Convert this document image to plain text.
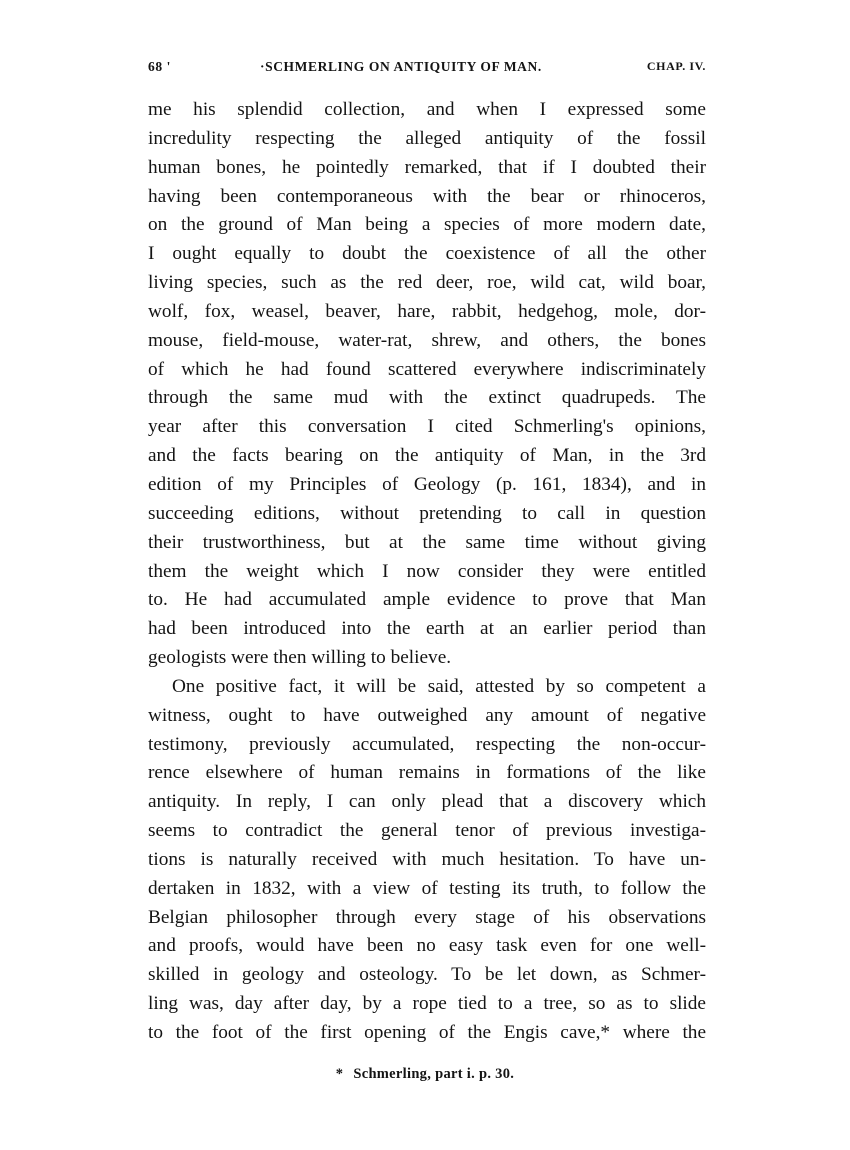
68 '	·SCHMERLING ON ANTIQUITY OF MAN.	CHAP. IV.
me his splendid collection, and when I expressed some
incredulity respecting the alleged antiquity of the fossil
human bones, he pointedly remarked, that if I doubted their
having been contemporaneous with the bear or rhinoceros,
on the ground of Man being a species of more modern date,
I ought equally to doubt the coexistence of all the other
living species, such as the red deer, roe, wild cat, wild boar,
wolf, fox, weasel, beaver, hare, rabbit, hedgehog, mole, dor-
mouse, field-mouse, water-rat, shrew, and others, the bones
of which he had found scattered everywhere indiscriminately
through the same mud with the extinct quadrupeds. The
year after this conversation I cited Schmerling's opinions,
and the facts bearing on the antiquity of Man, in the 3rd
edition of my Principles of Geology (p. 161, 1834), and in
succeeding editions, without pretending to call in question
their trustworthiness, but at the same time without giving
them the weight which I now consider they were entitled
to. He had accumulated ample evidence to prove that Man
had been introduced into the earth at an earlier period than
geologists were then willing to believe.
One positive fact, it will be said, attested by so competent a
witness, ought to have outweighed any amount of negative
testimony, previously accumulated, respecting the non-occur-
rence elsewhere of human remains in formations of the like
antiquity. In reply, I can only plead that a discovery which
seems to contradict the general tenor of previous investiga-
tions is naturally received with much hesitation. To have un-
dertaken in 1832, with a view of testing its truth, to follow the
Belgian philosopher through every stage of his observations
and proofs, would have been no easy task even for one well-
skilled in geology and osteology. To be let down, as Schmer-
ling was, day after day, by a rope tied to a tree, so as to slide
to the foot of the first opening of the Engis cave,* where the
* Schmerling, part i. p. 30.
